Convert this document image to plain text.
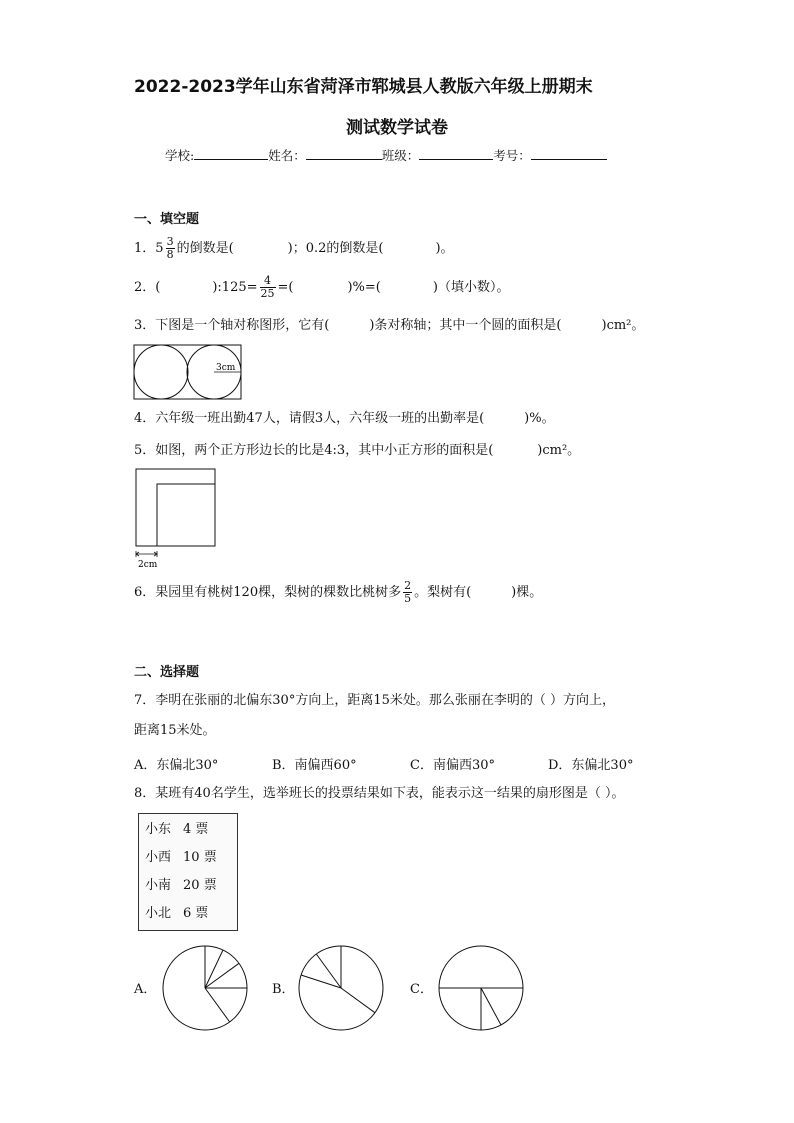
2022-2023学年山东省菏泽市郓城县人教版六年级上册期末
测试数学试卷
学校:	姓名：	班级：	考号：
一、填空题
1．$5 \frac{3}{8}$ 的倒数是(	)；0.2的倒数是(	)。
2．(	):125= $\frac{4}{25}$ =(	)%=(	)（填小数）。
3．下图是一个轴对称图形，它有(	)条对称轴；其中一个圆的面积是(	)cm²。
3cm
4．六年级一班出勤47人，请假3人，六年级一班的出勤率是(	)%。
5．如图，两个正方形边长的比是4:3，其中小正方形的面积是(	)cm²。
2cm
6．果园里有桃树120棵，梨树的棵数比桃树多 $\frac{2}{5}$ 。梨树有(	)棵。
二、选择题
7．李明在张丽的北偏东30°方向上，距离15米处。那么张丽在李明的（ ）方向上，
距离15米处。
A．东偏北30°	B．南偏西60°	C．南偏西30°	D．东偏北30°
8．某班有40名学生，选举班长的投票结果如下表，能表示这一结果的扇形图是（ ）。
小东	4 票
小西	10 票
小南	20 票
小北	6 票
A．	B．	C．
